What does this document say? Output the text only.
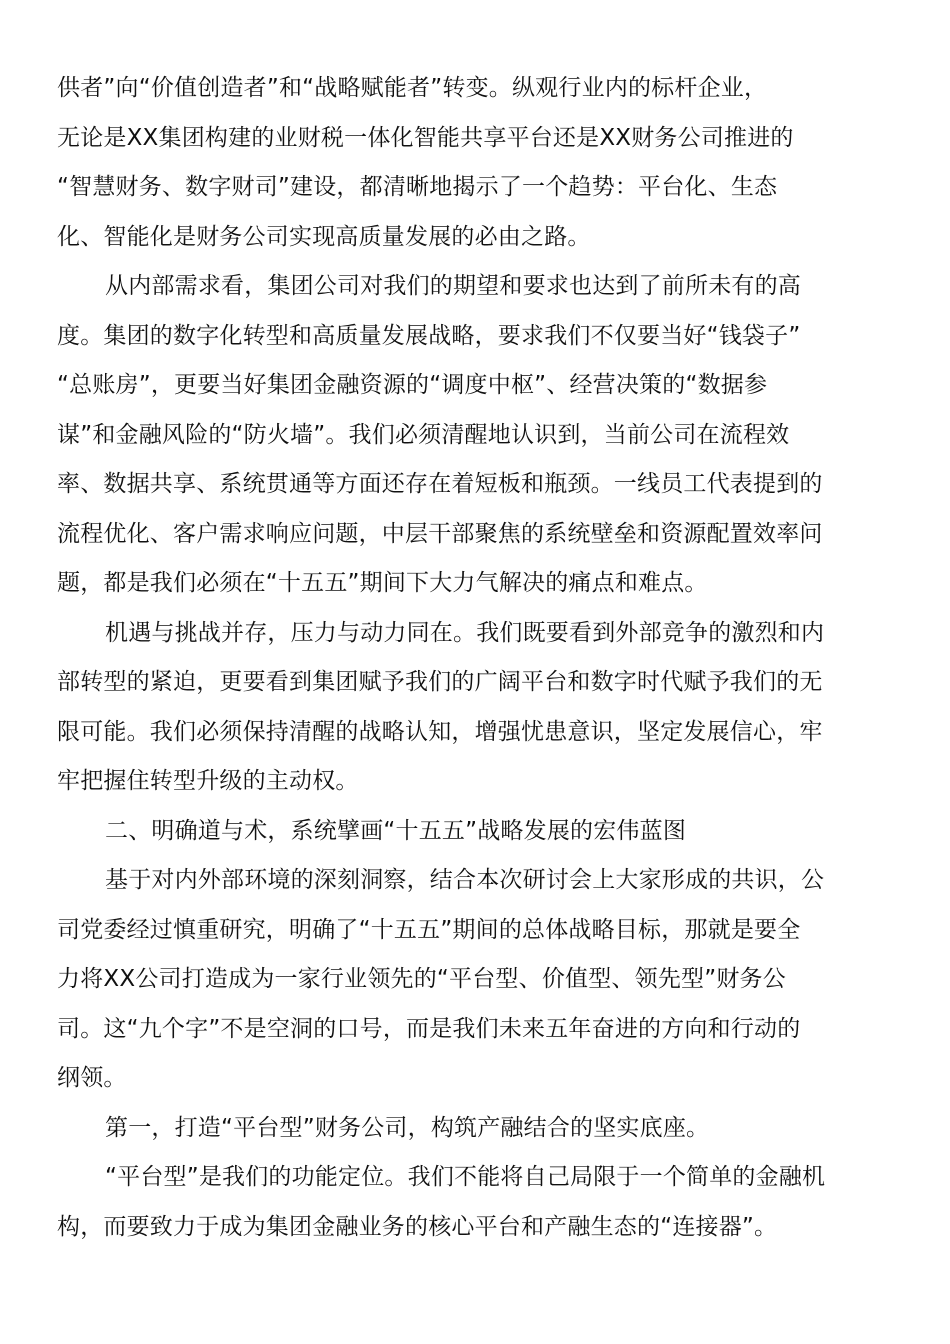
供者”向“价值创造者”和“战略赋能者”转变。纵观行业内的标杆企业，
无论是XX集团构建的业财税一体化智能共享平台还是XX财务公司推进的
“智慧财务、数字财司”建设，都清晰地揭示了一个趋势：平台化、生态
化、智能化是财务公司实现高质量发展的必由之路。
从内部需求看，集团公司对我们的期望和要求也达到了前所未有的高
度。集团的数字化转型和高质量发展战略，要求我们不仅要当好“钱袋子”
“总账房”，更要当好集团金融资源的“调度中枢”、经营决策的“数据参
谋”和金融风险的“防火墙”。我们必须清醒地认识到，当前公司在流程效
率、数据共享、系统贯通等方面还存在着短板和瓶颈。一线员工代表提到的
流程优化、客户需求响应问题，中层干部聚焦的系统壁垒和资源配置效率问
题，都是我们必须在“十五五”期间下大力气解决的痛点和难点。
机遇与挑战并存，压力与动力同在。我们既要看到外部竞争的激烈和内
部转型的紧迫，更要看到集团赋予我们的广阔平台和数字时代赋予我们的无
限可能。我们必须保持清醒的战略认知，增强忧患意识，坚定发展信心，牢
牢把握住转型升级的主动权。
二、明确道与术，系统擘画“十五五”战略发展的宏伟蓝图
基于对内外部环境的深刻洞察，结合本次研讨会上大家形成的共识，公
司党委经过慎重研究，明确了“十五五”期间的总体战略目标，那就是要全
力将XX公司打造成为一家行业领先的“平台型、价值型、领先型”财务公
司。这“九个字”不是空洞的口号，而是我们未来五年奋进的方向和行动的
纲领。
第一，打造“平台型”财务公司，构筑产融结合的坚实底座。
“平台型”是我们的功能定位。我们不能将自己局限于一个简单的金融机
构，而要致力于成为集团金融业务的核心平台和产融生态的“连接器”。
